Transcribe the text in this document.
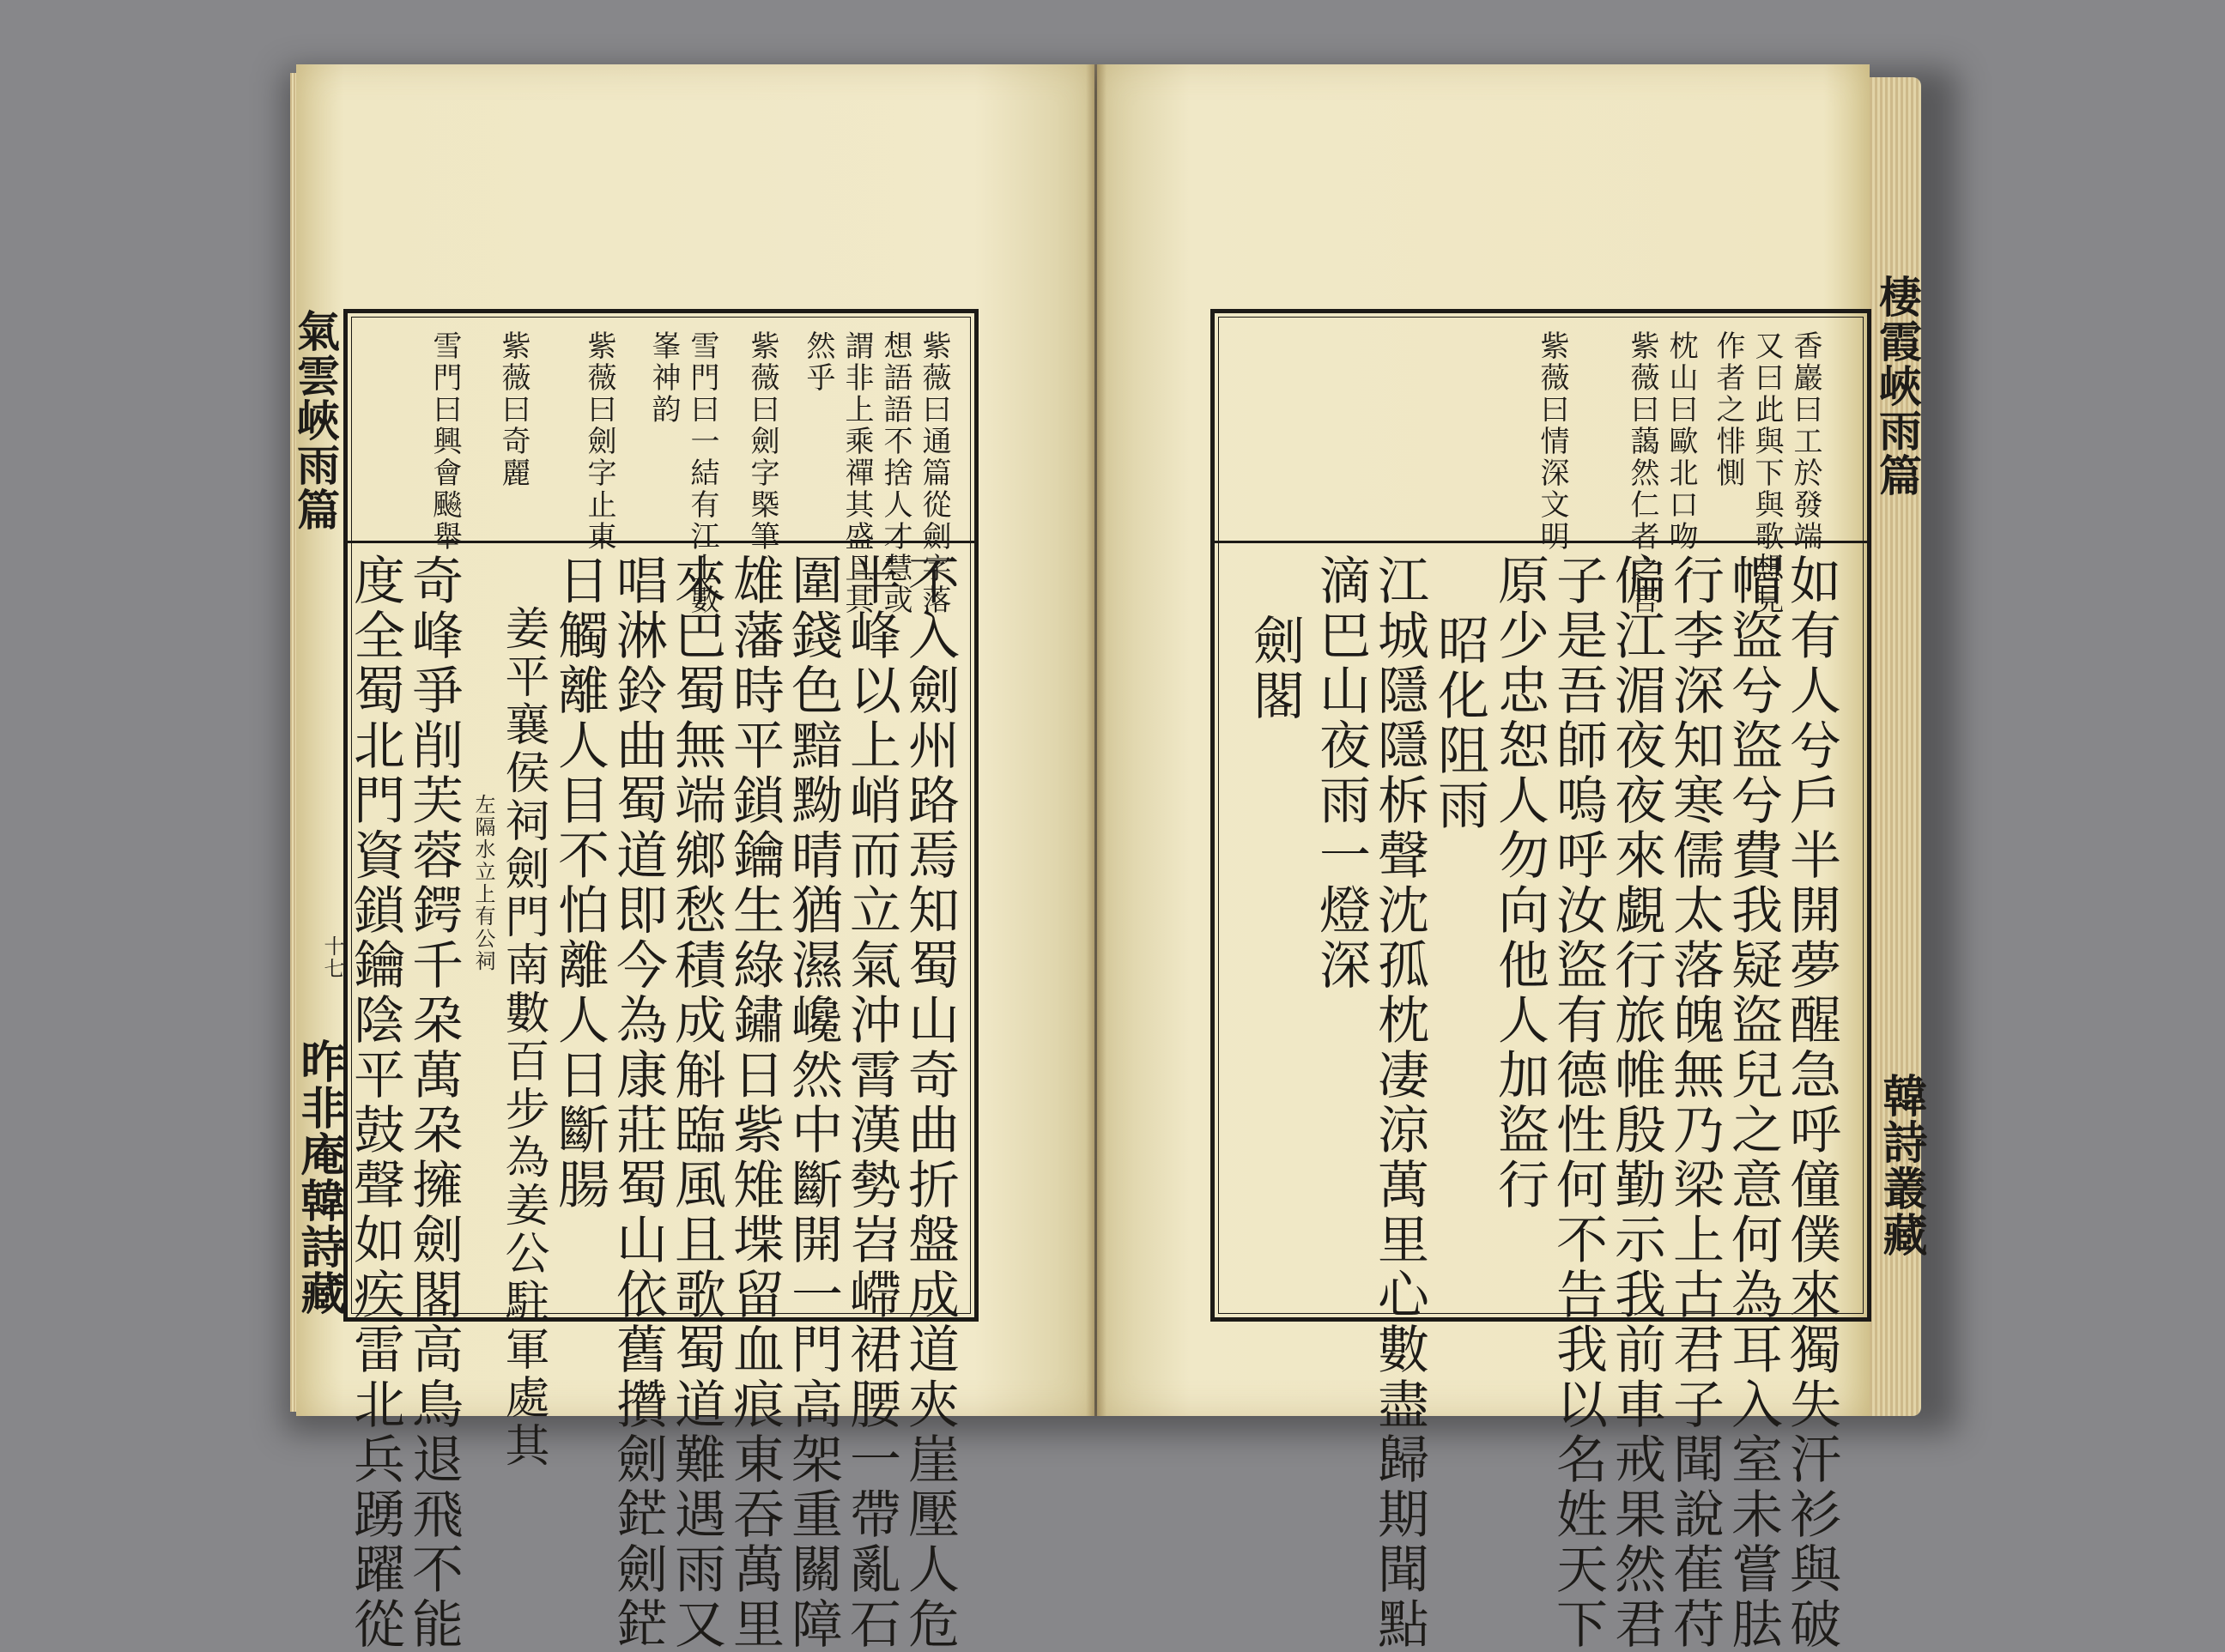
紫薇曰通篇從劍字落
想語語不捨人才慧或
謂非上乘禪其盛且其
然乎
紫薇曰劍字槩筆
雪門曰一結有江上數
峯神韵
紫薇曰劍字止東
紫薇曰奇麗
雪門曰興會飈舉
不入劍州路焉知蜀山奇曲折盤成道夾崖壓人危
半峰以上峭而立氣沖霄漢勢岧嵽裙腰一帶亂石
圍錢色黯黝晴猶濕巉然中斷開一門高架重關障
雄藩時平鎖鑰生綠鏽日紫雉堞留血痕東吞萬里
來巴蜀無端鄉愁積成斛臨風且歌蜀道難遇雨又
唱淋鈴曲蜀道即今為康莊蜀山依舊攢劍鋩劍鋩
日觸離人目不怕離人日斷腸
姜平襄侯祠劍門南數百步為姜公駐軍處其
左隔水立上有公祠
奇峰爭削芙蓉鍔千朶萬朶擁劍閣高鳥退飛不能
度全蜀北門資鎖鑰陰平鼓聲如疾雷北兵踴躍從
氣雲峽雨篇
十七
昨非庵韓詩藏
香巖曰工於發端
又曰此與下與歌想見
作者之悱惻
枕山曰歐北口吻
紫薇曰藹然仁者之言
紫薇曰情深文明
如有人兮戶半開夢醒急呼僮僕來獨失汗衫與破
帽盜兮盜兮費我疑盜兒之意何為耳入室未嘗胠
行李深知寒儒太落魄無乃梁上古君子聞說萑苻
偏江湄夜夜來覷行旅帷殷勤示我前車戒果然君
子是吾師嗚呼汝盜有德性何不告我以名姓天下
原少忠恕人勿向他人加盜行
昭化阻雨
江城隱隱柝聲沈孤枕凄涼萬里心數盡歸期聞點
滴巴山夜雨一燈深
劍閣
棲霞峽雨篇
韓詩叢藏
